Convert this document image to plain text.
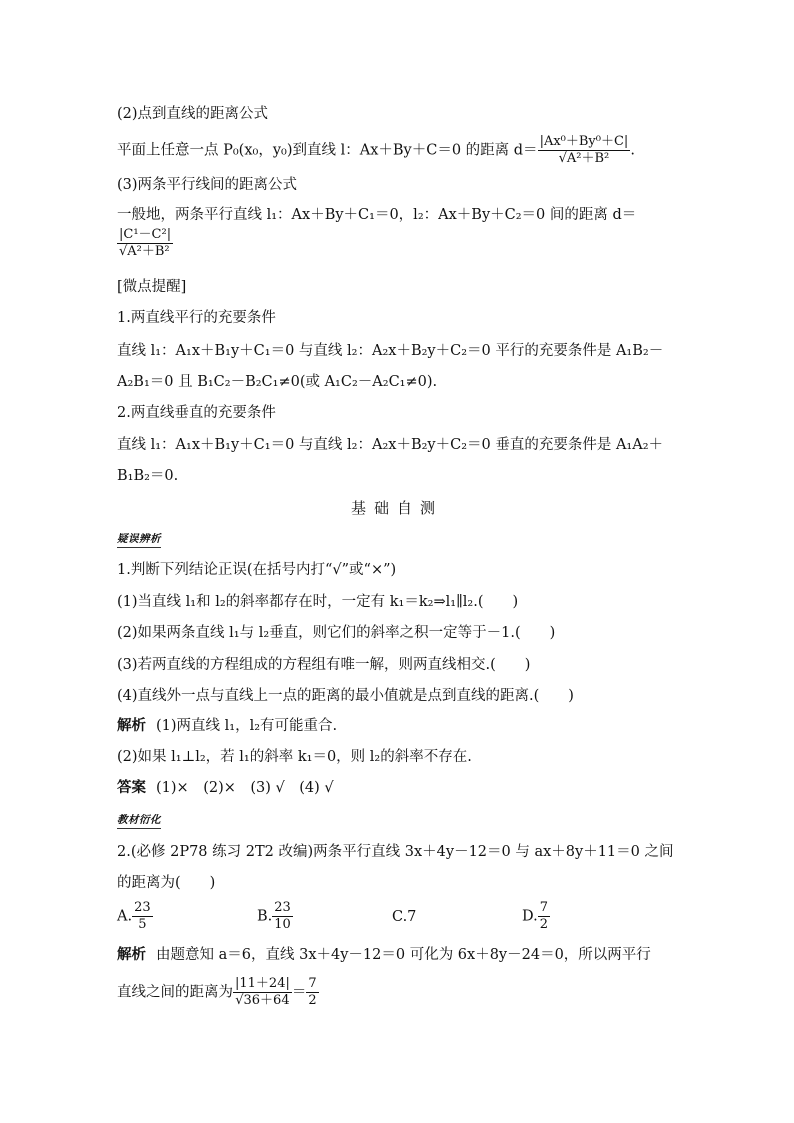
(2)点到直线的距离公式
平面上任意一点 P₀(x₀，y₀)到直线 l：Ax＋By＋C＝0 的距离 $d= \frac{\text{|Ax⁰＋By⁰＋C|}}{\text{√A²＋B²}}$ .
(3)两条平行线间的距离公式
一般地，两条平行直线 l₁：Ax＋By＋C₁＝0，l₂：Ax＋By＋C₂＝0 间的距离 d＝
$\frac{\text{|C¹－C²|}}{\text{√A²＋B²}}$
[微点提醒]
1.两直线平行的充要条件
直线 l₁：A₁x＋B₁y＋C₁＝0 与直线 l₂：A₂x＋B₂y＋C₂＝0 平行的充要条件是 A₁B₂－
A₂B₁＝0 且 B₁C₂－B₂C₁≠0(或 A₁C₂－A₂C₁≠0).
2.两直线垂直的充要条件
直线 l₁：A₁x＋B₁y＋C₁＝0 与直线 l₂：A₂x＋B₂y＋C₂＝0 垂直的充要条件是 A₁A₂＋
B₁B₂＝0.
基础自测
疑误辨析
1.判断下列结论正误(在括号内打“√”或“×”)
(1)当直线 l₁和 l₂的斜率都存在时，一定有 k₁＝k₂⇒l₁∥l₂.(　　)
(2)如果两条直线 l₁与 l₂垂直，则它们的斜率之积一定等于－1.(　　)
(3)若两直线的方程组成的方程组有唯一解，则两直线相交.(　　)
(4)直线外一点与直线上一点的距离的最小值就是点到直线的距离.(　　)
解析 (1)两直线 l₁，l₂有可能重合.
(2)如果 l₁⊥l₂，若 l₁的斜率 k₁＝0，则 l₂的斜率不存在.
答案 (1)×　(2)×　(3) √　(4) √
教材衍化
2.(必修 2P78 练习 2T2 改编)两条平行直线 3x＋4y－12＝0 与 ax＋8y＋11＝0 之间
的距离为(　　)
A. $\frac{23}{5}$	B. $\frac{23}{10}$	C.7	D. $\frac{7}{2}$
解析 由题意知 a＝6，直线 3x＋4y－12＝0 可化为 6x＋8y－24＝0，所以两平行
直线之间的距离为 $\frac{|11+24|}{√36+64} = \frac{7}{2}$
